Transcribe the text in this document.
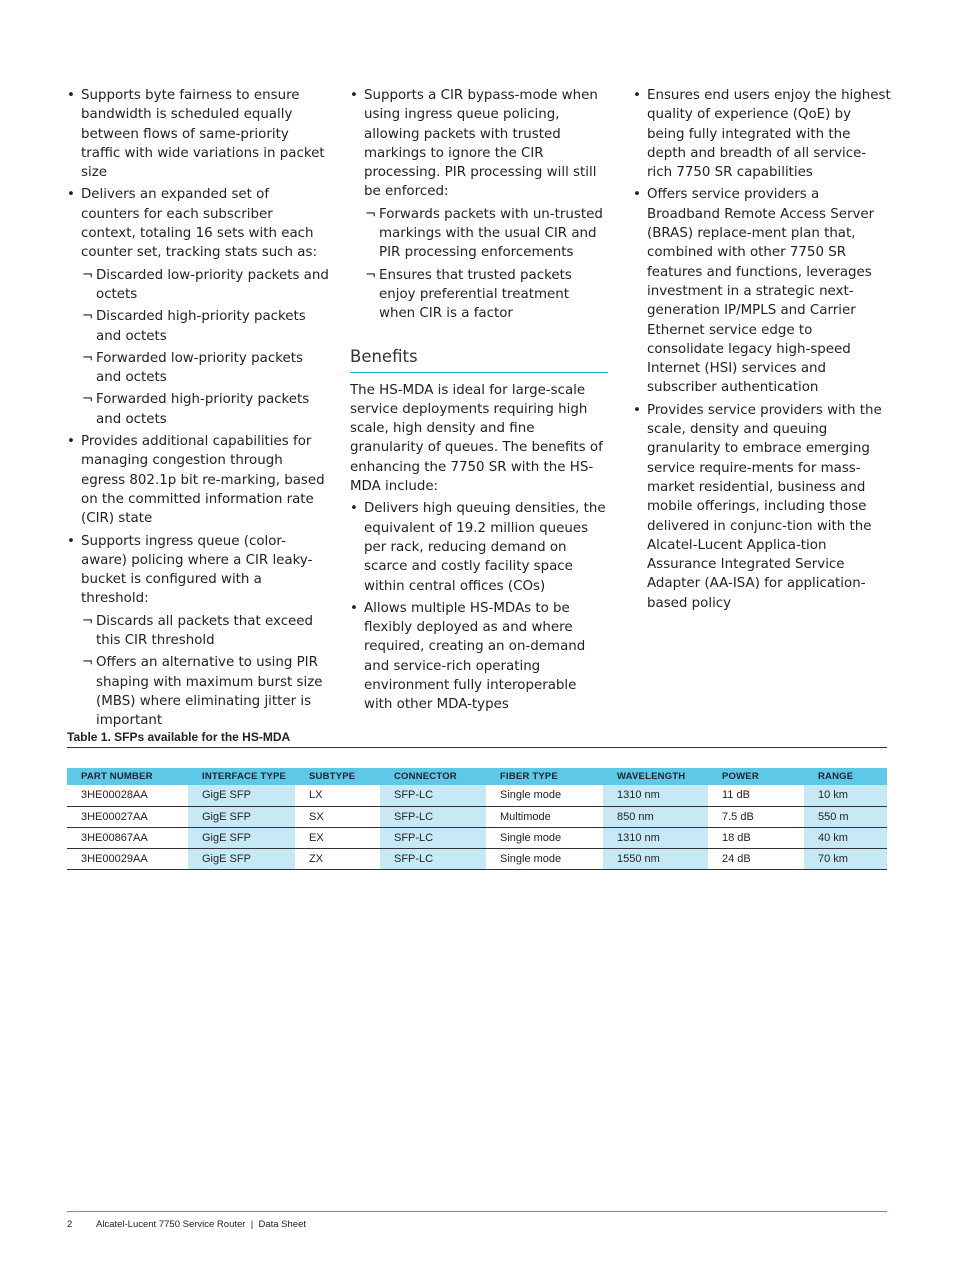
• Supports byte fairness to ensure bandwidth is scheduled equally between flows of same-priority traffic with wide variations in packet size
• Delivers an expanded set of counters for each subscriber context, totaling 16 sets with each counter set, tracking stats such as:
¬ Discarded low-priority packets and octets
¬ Discarded high-priority packets and octets
¬ Forwarded low-priority packets and octets
¬ Forwarded high-priority packets and octets
• Provides additional capabilities for managing congestion through egress 802.1p bit re-marking, based on the committed information rate (CIR) state
• Supports ingress queue (color-aware) policing where a CIR leaky-bucket is configured with a threshold:
¬ Discards all packets that exceed this CIR threshold
¬ Offers an alternative to using PIR shaping with maximum burst size (MBS) where eliminating jitter is important
• Supports a CIR bypass-mode when using ingress queue policing, allowing packets with trusted markings to ignore the CIR processing. PIR processing will still be enforced:
¬ Forwards packets with un-trusted markings with the usual CIR and PIR processing enforcements
¬ Ensures that trusted packets enjoy preferential treatment when CIR is a factor
Benefits
The HS-MDA is ideal for large-scale service deployments requiring high scale, high density and fine granularity of queues. The benefits of enhancing the 7750 SR with the HS-MDA include:
• Delivers high queuing densities, the equivalent of 19.2 million queues per rack, reducing demand on scarce and costly facility space within central offices (COs)
• Allows multiple HS-MDAs to be flexibly deployed as and where required, creating an on-demand and service-rich operating environment fully interoperable with other MDA-types
• Ensures end users enjoy the highest quality of experience (QoE) by being fully integrated with the depth and breadth of all service-rich 7750 SR capabilities
• Offers service providers a Broadband Remote Access Server (BRAS) replace-ment plan that, combined with other 7750 SR features and functions, leverages investment in a strategic next-generation IP/MPLS and Carrier Ethernet service edge to consolidate legacy high-speed Internet (HSI) services and subscriber authentication
• Provides service providers with the scale, density and queuing granularity to embrace emerging service require-ments for mass-market residential, business and mobile offerings, including those delivered in conjunc-tion with the Alcatel-Lucent Applica-tion Assurance Integrated Service Adapter (AA-ISA) for application-based policy
Table 1. SFPs available for the HS-MDA
PART NUMBER	INTERFACE TYPE	SUBTYPE	CONNECTOR	FIBER TYPE	WAVELENGTH	POWER	RANGE
3HE00028AA	GigE SFP	LX	SFP-LC	Single mode	1310 nm	11 dB	10 km
3HE00027AA	GigE SFP	SX	SFP-LC	Multimode	850 nm	7.5 dB	550 m
3HE00867AA	GigE SFP	EX	SFP-LC	Single mode	1310 nm	18 dB	40 km
3HE00029AA	GigE SFP	ZX	SFP-LC	Single mode	1550 nm	24 dB	70 km
2 Alcatel-Lucent 7750 Service Router  |  Data Sheet
